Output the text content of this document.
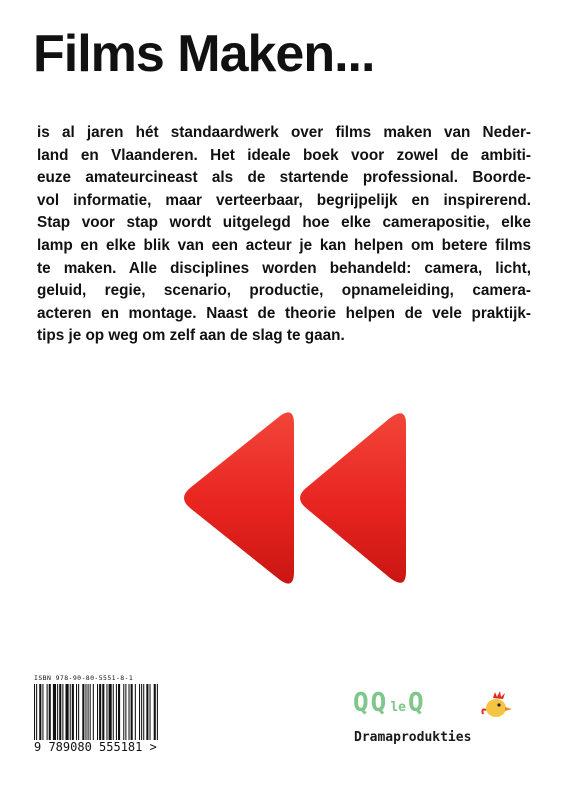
Films Maken...
is al jaren hét standaardwerk over films maken van Neder-
land en Vlaanderen. Het ideale boek voor zowel de ambiti-
euze amateurcineast als de startende professional. Boorde-
vol informatie, maar verteerbaar, begrijpelijk en inspirerend.
Stap voor stap wordt uitgelegd hoe elke camerapositie, elke
lamp en elke blik van een acteur je kan helpen om betere films
te maken. Alle disciplines worden behandeld: camera, licht,
geluid, regie, scenario, productie, opnameleiding, camera-
acteren en montage. Naast de theorie helpen de vele praktijk-
tips je op weg om zelf aan de slag te gaan.
ISBN 978-90-80-5551-8-1
9 789080 555181 >
QQ leQ
Dramaprodukties
